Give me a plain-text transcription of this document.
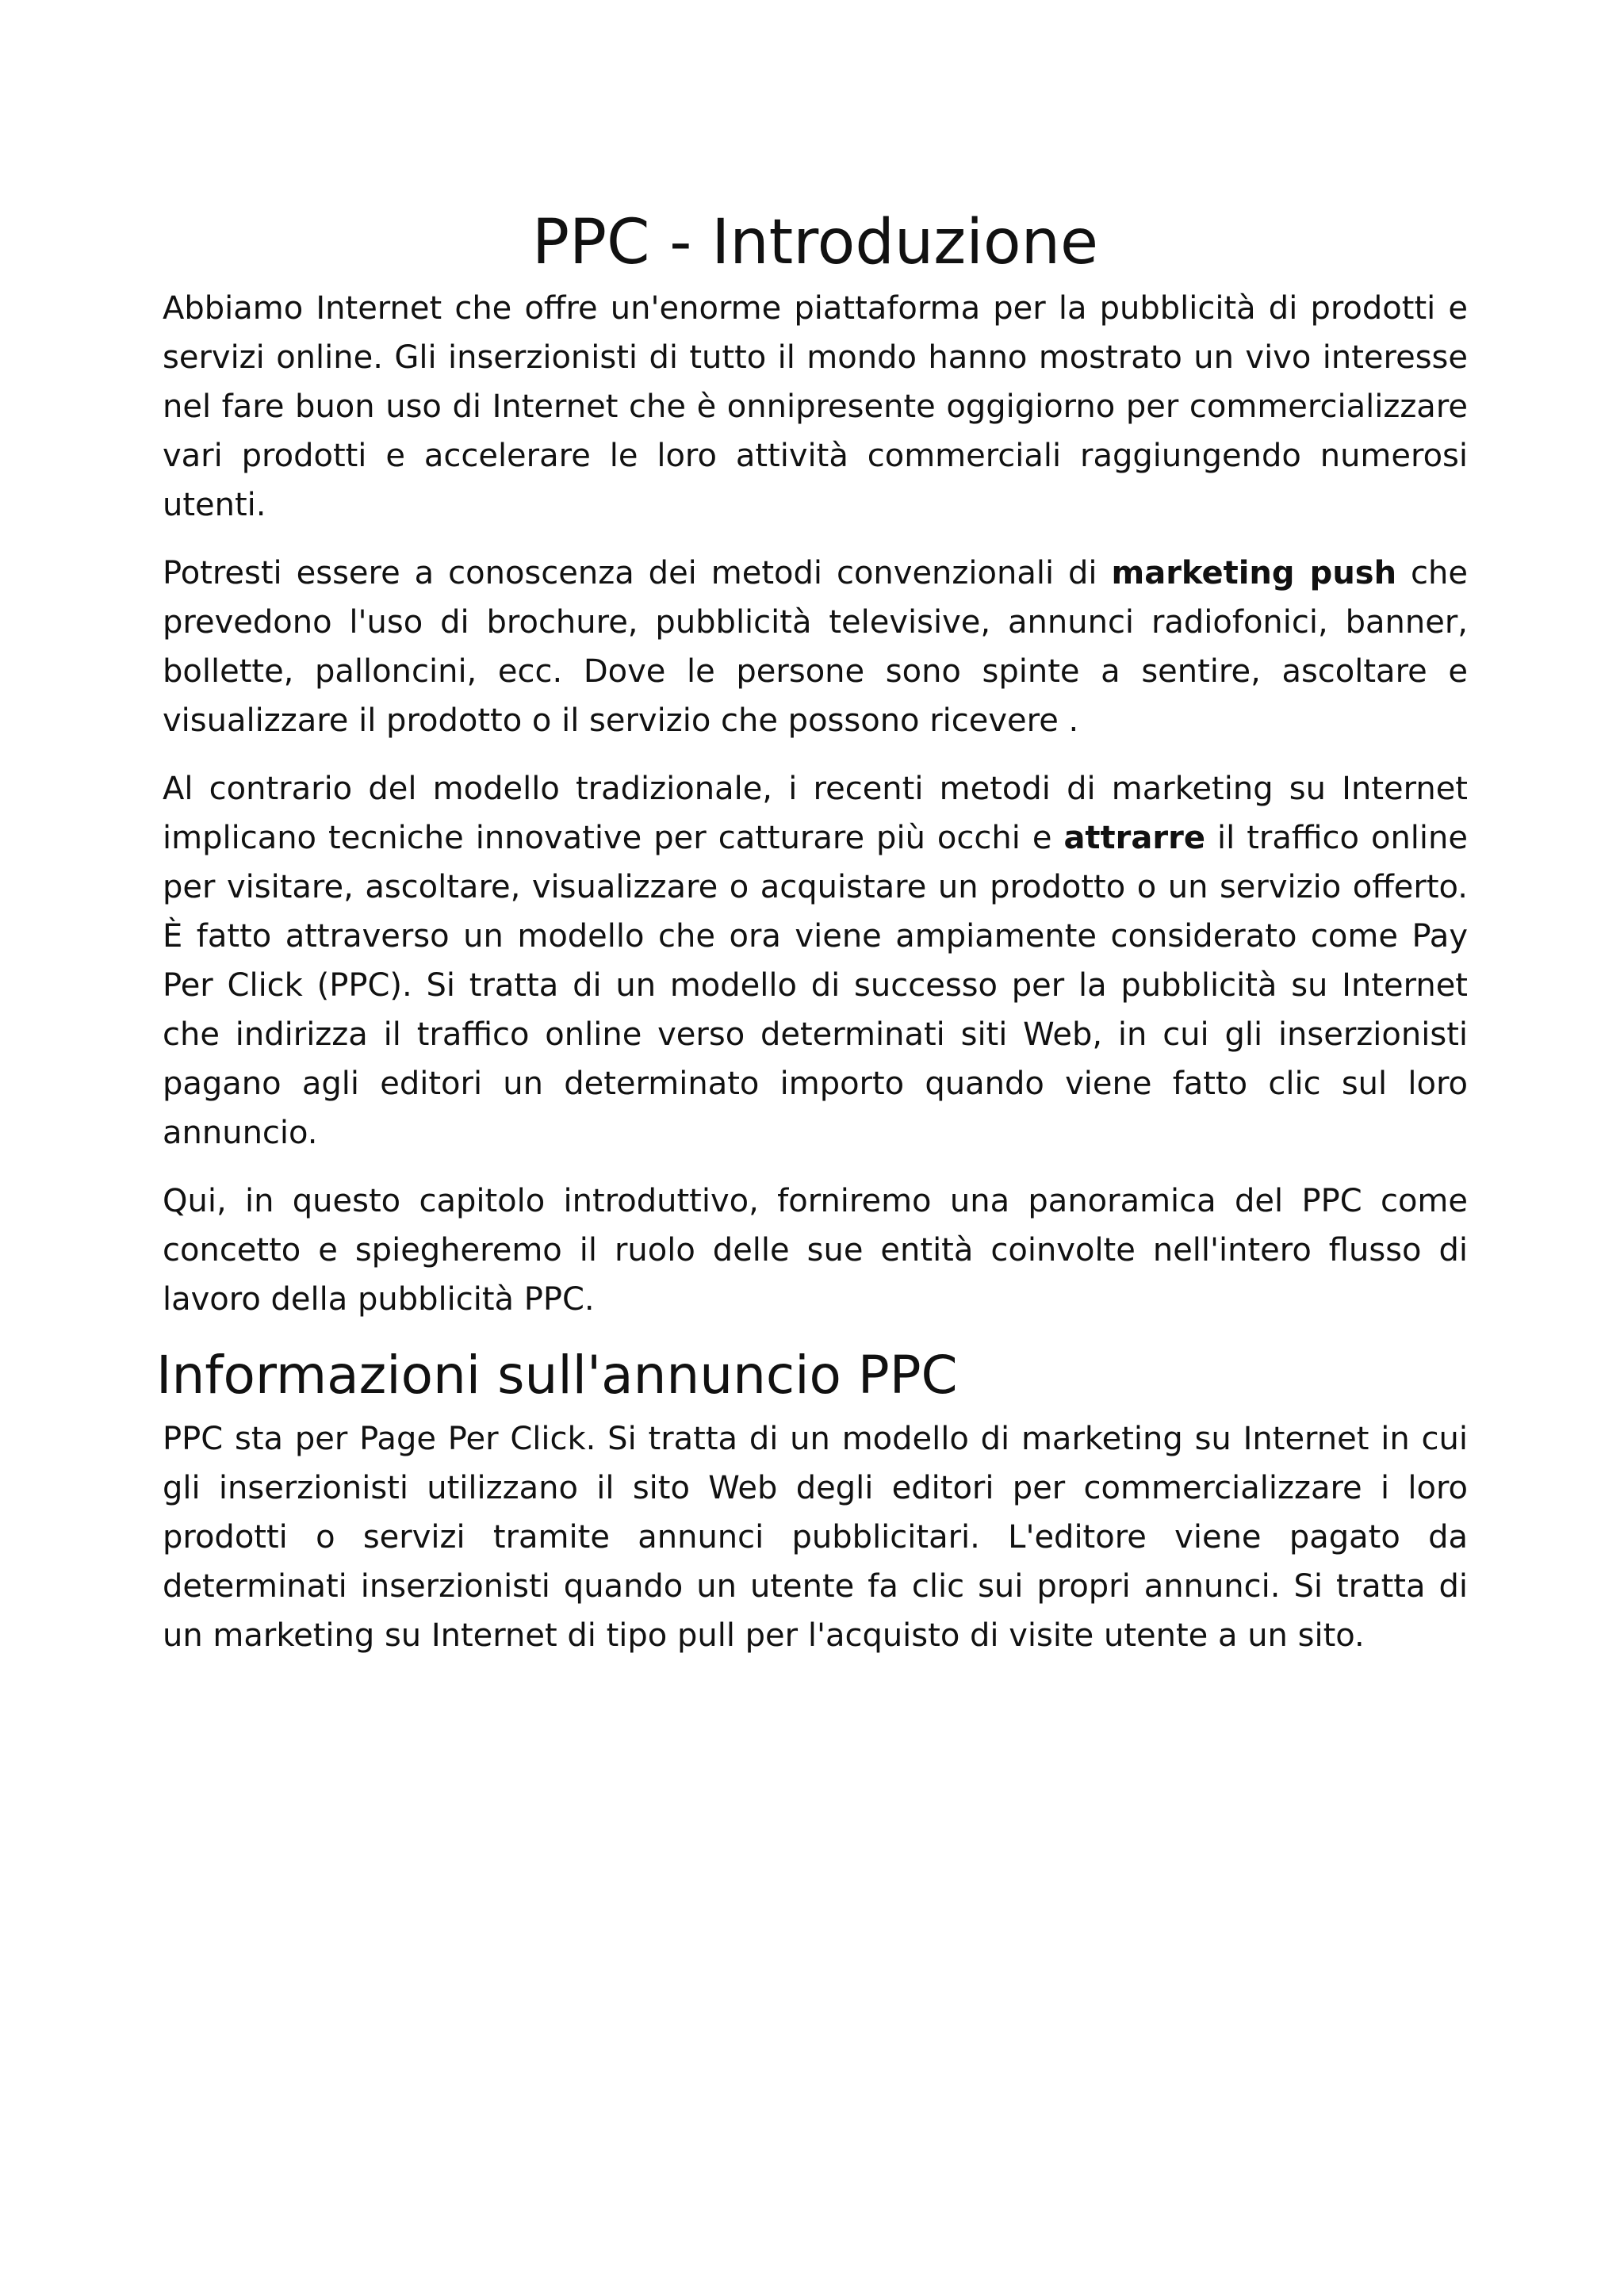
PPC - Introduzione

Abbiamo Internet che offre un'enorme piattaforma per la pubblicità di prodotti e servizi online. Gli inserzionisti di tutto il mondo hanno mostrato un vivo interesse nel fare buon uso di Internet che è onnipresente oggigiorno per commercializzare vari prodotti e accelerare le loro attività commerciali raggiungendo numerosi utenti.

Potresti essere a conoscenza dei metodi convenzionali di marketing push che prevedono l'uso di brochure, pubblicità televisive, annunci radiofonici, banner, bollette, palloncini, ecc. Dove le persone sono spinte a sentire, ascoltare e visualizzare il prodotto o il servizio che possono ricevere .

Al contrario del modello tradizionale, i recenti metodi di marketing su Internet implicano tecniche innovative per catturare più occhi e attrarre il traffico online per visitare, ascoltare, visualizzare o acquistare un prodotto o un servizio offerto. È fatto attraverso un modello che ora viene ampiamente considerato come Pay Per Click (PPC). Si tratta di un modello di successo per la pubblicità su Internet che indirizza il traffico online verso determinati siti Web, in cui gli inserzionisti pagano agli editori un determinato importo quando viene fatto clic sul loro annuncio.

Qui, in questo capitolo introduttivo, forniremo una panoramica del PPC come concetto e spiegheremo il ruolo delle sue entità coinvolte nell'intero flusso di lavoro della pubblicità PPC.

Informazioni sull'annuncio PPC

PPC sta per Page Per Click. Si tratta di un modello di marketing su Internet in cui gli inserzionisti utilizzano il sito Web degli editori per commercializzare i loro prodotti o servizi tramite annunci pubblicitari. L'editore viene pagato da determinati inserzionisti quando un utente fa clic sui propri annunci. Si tratta di un marketing su Internet di tipo pull per l'acquisto di visite utente a un sito.
